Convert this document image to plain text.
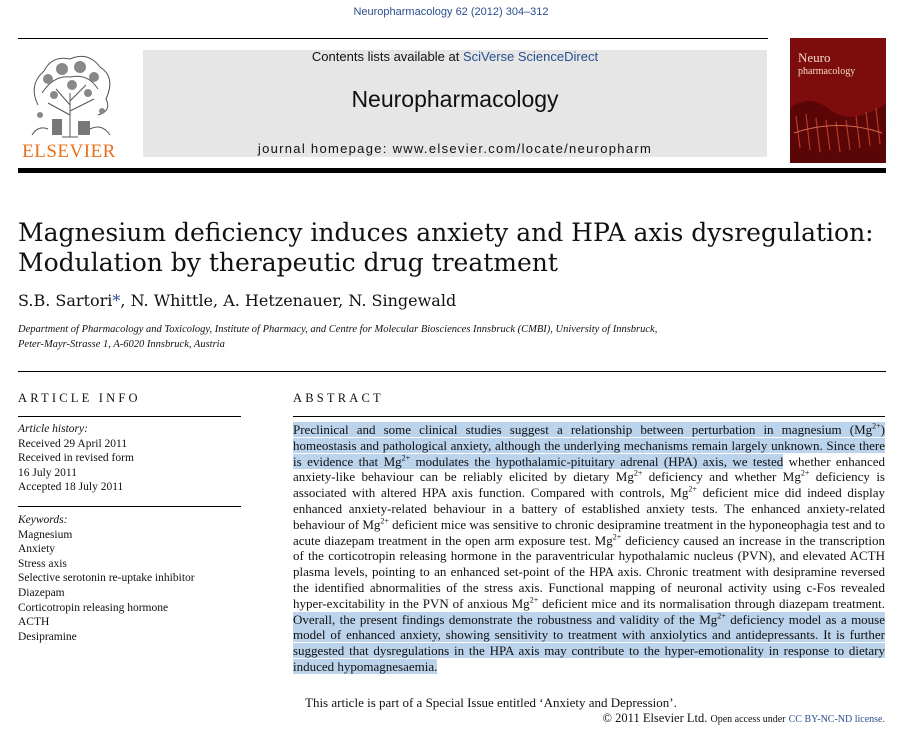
Neuropharmacology 62 (2012) 304–312
ELSEVIER
Contents lists available at SciVerse ScienceDirect
Neuropharmacology
journal homepage: www.elsevier.com/locate/neuropharm
Neuro
pharmacology
Magnesium deficiency induces anxiety and HPA axis dysregulation:
Modulation by therapeutic drug treatment
S.B. Sartori*, N. Whittle, A. Hetzenauer, N. Singewald
Department of Pharmacology and Toxicology, Institute of Pharmacy, and Centre for Molecular Biosciences Innsbruck (CMBI), University of Innsbruck,
Peter-Mayr-Strasse 1, A-6020 Innsbruck, Austria
ARTICLE INFO
Article history:
Received 29 April 2011
Received in revised form
16 July 2011
Accepted 18 July 2011
Keywords:
Magnesium
Anxiety
Stress axis
Selective serotonin re-uptake inhibitor
Diazepam
Corticotropin releasing hormone
ACTH
Desipramine
ABSTRACT
Preclinical and some clinical studies suggest a relationship between perturbation in magnesium $(Mg^{2+})$ homeostasis and pathological anxiety, although the underlying mechanisms remain largely unknown. Since there is evidence that $Mg^{2+}$ modulates the hypothalamic-pituitary adrenal (HPA) axis, we tested whether enhanced anxiety-like behaviour can be reliably elicited by dietary $Mg^{2+}$ deficiency and whether $Mg^{2+}$ deficiency is associated with altered HPA axis function. Compared with controls, $Mg^{2+}$ deficient mice did indeed display enhanced anxiety-related behaviour in a battery of established anxiety tests. The enhanced anxiety-related behaviour of $Mg^{2+}$ deficient mice was sensitive to chronic desipramine treatment in the hyponeophagia test and to acute diazepam treatment in the open arm exposure test. $Mg^{2+}$ deficiency caused an increase in the transcription of the corticotropin releasing hormone in the paraventricular hypothalamic nucleus (PVN), and elevated ACTH plasma levels, pointing to an enhanced set-point of the HPA axis. Chronic treatment with desipramine reversed the identified abnormalities of the stress axis. Functional mapping of neuronal activity using c-Fos revealed hyper-excitability in the PVN of anxious $Mg^{2+}$ deficient mice and its normalisation through diazepam treatment. Overall, the present findings demonstrate the robustness and validity of the $Mg^{2+}$ deficiency model as a mouse model of enhanced anxiety, showing sensitivity to treatment with anxiolytics and antidepressants. It is further suggested that dysregulations in the HPA axis may contribute to the hyper-emotionality in response to dietary induced hypomagnesaemia.
This article is part of a Special Issue entitled ‘Anxiety and Depression’.
© 2011 Elsevier Ltd. Open access under CC BY-NC-ND license.
